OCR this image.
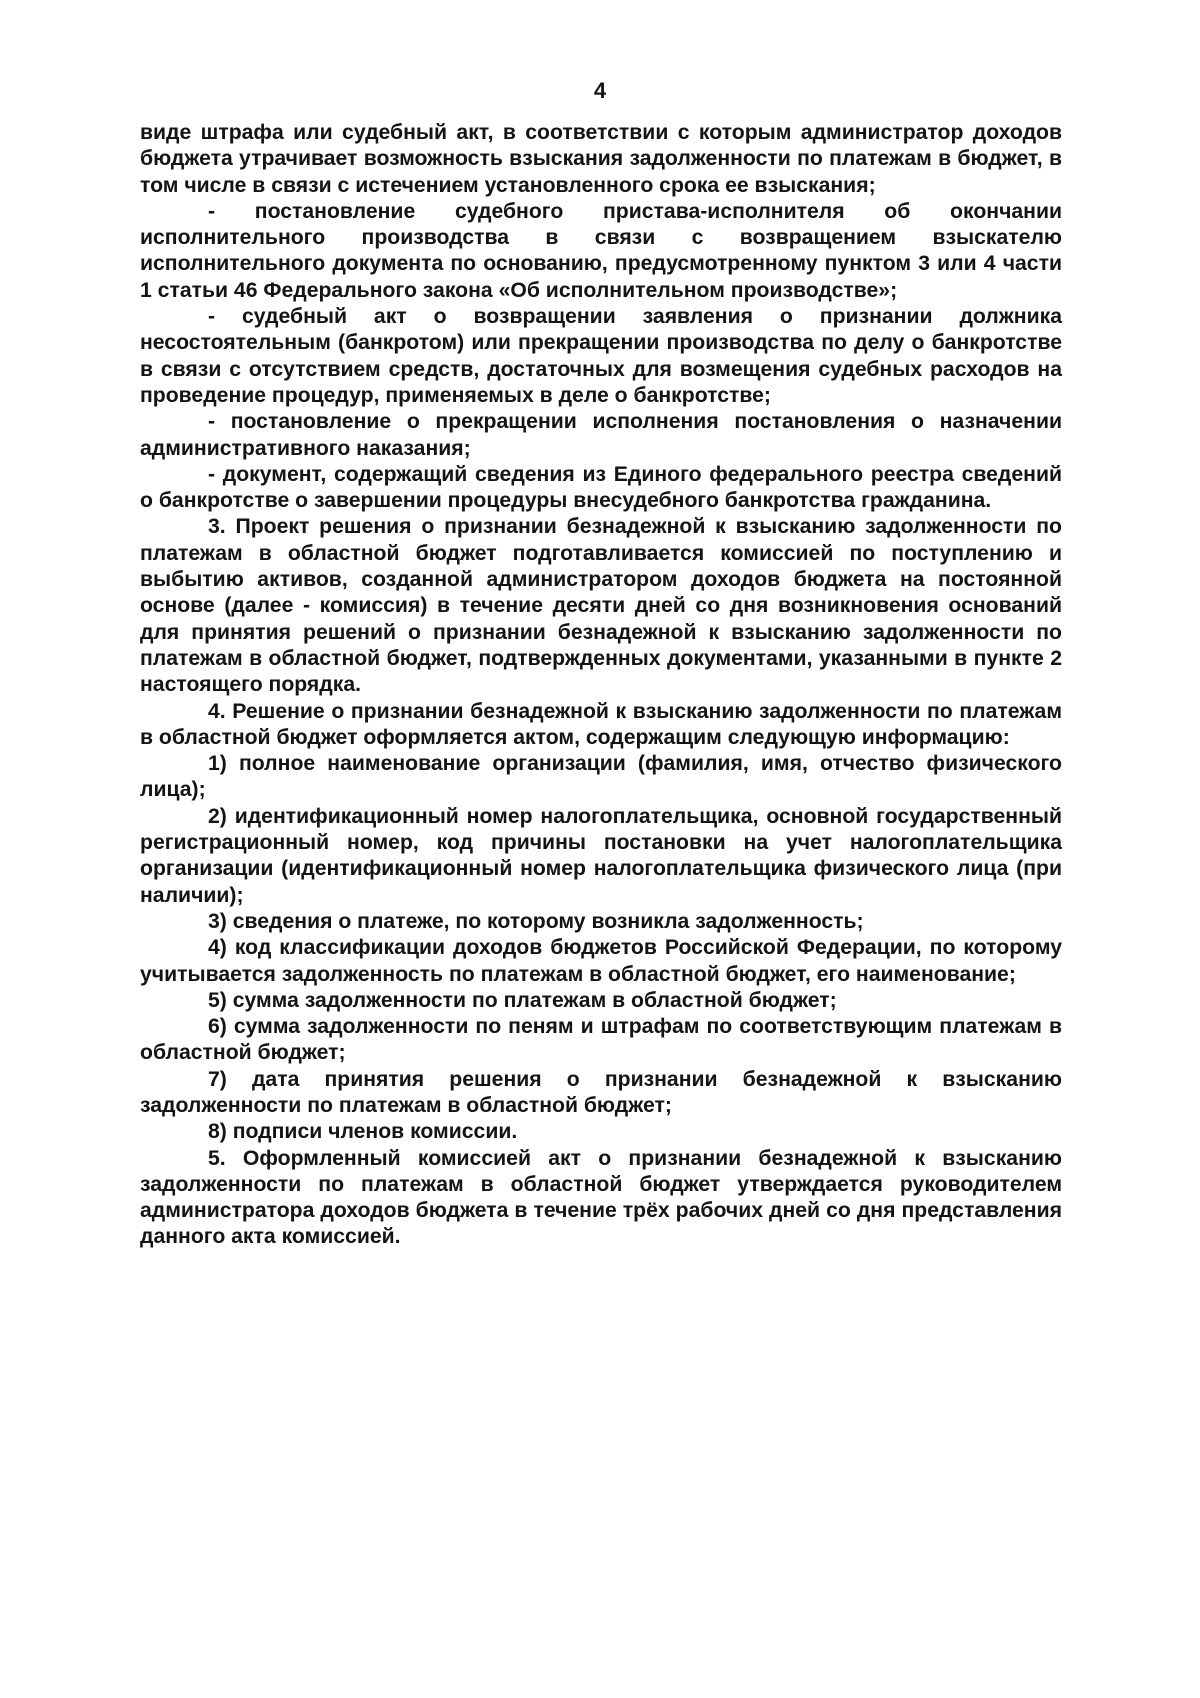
4

виде штрафа или судебный акт, в соответствии с которым администратор доходов бюджета утрачивает возможность взыскания задолженности по платежам в бюджет, в том числе в связи с истечением установленного срока ее взыскания;

- постановление судебного пристава-исполнителя об окончании исполнительного производства в связи с возвращением взыскателю исполнительного документа по основанию, предусмотренному пунктом 3 или 4 части 1 статьи 46 Федерального закона «Об исполнительном производстве»;

- судебный акт о возвращении заявления о признании должника несостоятельным (банкротом) или прекращении производства по делу о банкротстве в связи с отсутствием средств, достаточных для возмещения судебных расходов на проведение процедур, применяемых в деле о банкротстве;

- постановление о прекращении исполнения постановления о назначении административного наказания;

- документ, содержащий сведения из Единого федерального реестра сведений о банкротстве о завершении процедуры внесудебного банкротства гражданина.

3. Проект решения о признании безнадежной к взысканию задолженности по платежам в областной бюджет подготавливается комиссией по поступлению и выбытию активов, созданной администратором доходов бюджета на постоянной основе (далее - комиссия) в течение десяти дней со дня возникновения оснований для принятия решений о признании безнадежной к взысканию задолженности по платежам в областной бюджет, подтвержденных документами, указанными в пункте 2 настоящего порядка.

4. Решение о признании безнадежной к взысканию задолженности по платежам в областной бюджет оформляется актом, содержащим следующую информацию:

1) полное наименование организации (фамилия, имя, отчество физического лица);

2) идентификационный номер налогоплательщика, основной государственный регистрационный номер, код причины постановки на учет налогоплательщика организации (идентификационный номер налогоплательщика физического лица (при наличии);

3) сведения о платеже, по которому возникла задолженность;

4) код классификации доходов бюджетов Российской Федерации, по которому учитывается задолженность по платежам в областной бюджет, его наименование;

5) сумма задолженности по платежам в областной бюджет;

6) сумма задолженности по пеням и штрафам по соответствующим платежам в областной бюджет;

7) дата принятия решения о признании безнадежной к взысканию задолженности по платежам в областной бюджет;

8) подписи членов комиссии.

5. Оформленный комиссией акт о признании безнадежной к взысканию задолженности по платежам в областной бюджет утверждается руководителем администратора доходов бюджета в течение трёх рабочих дней со дня представления данного акта комиссией.
